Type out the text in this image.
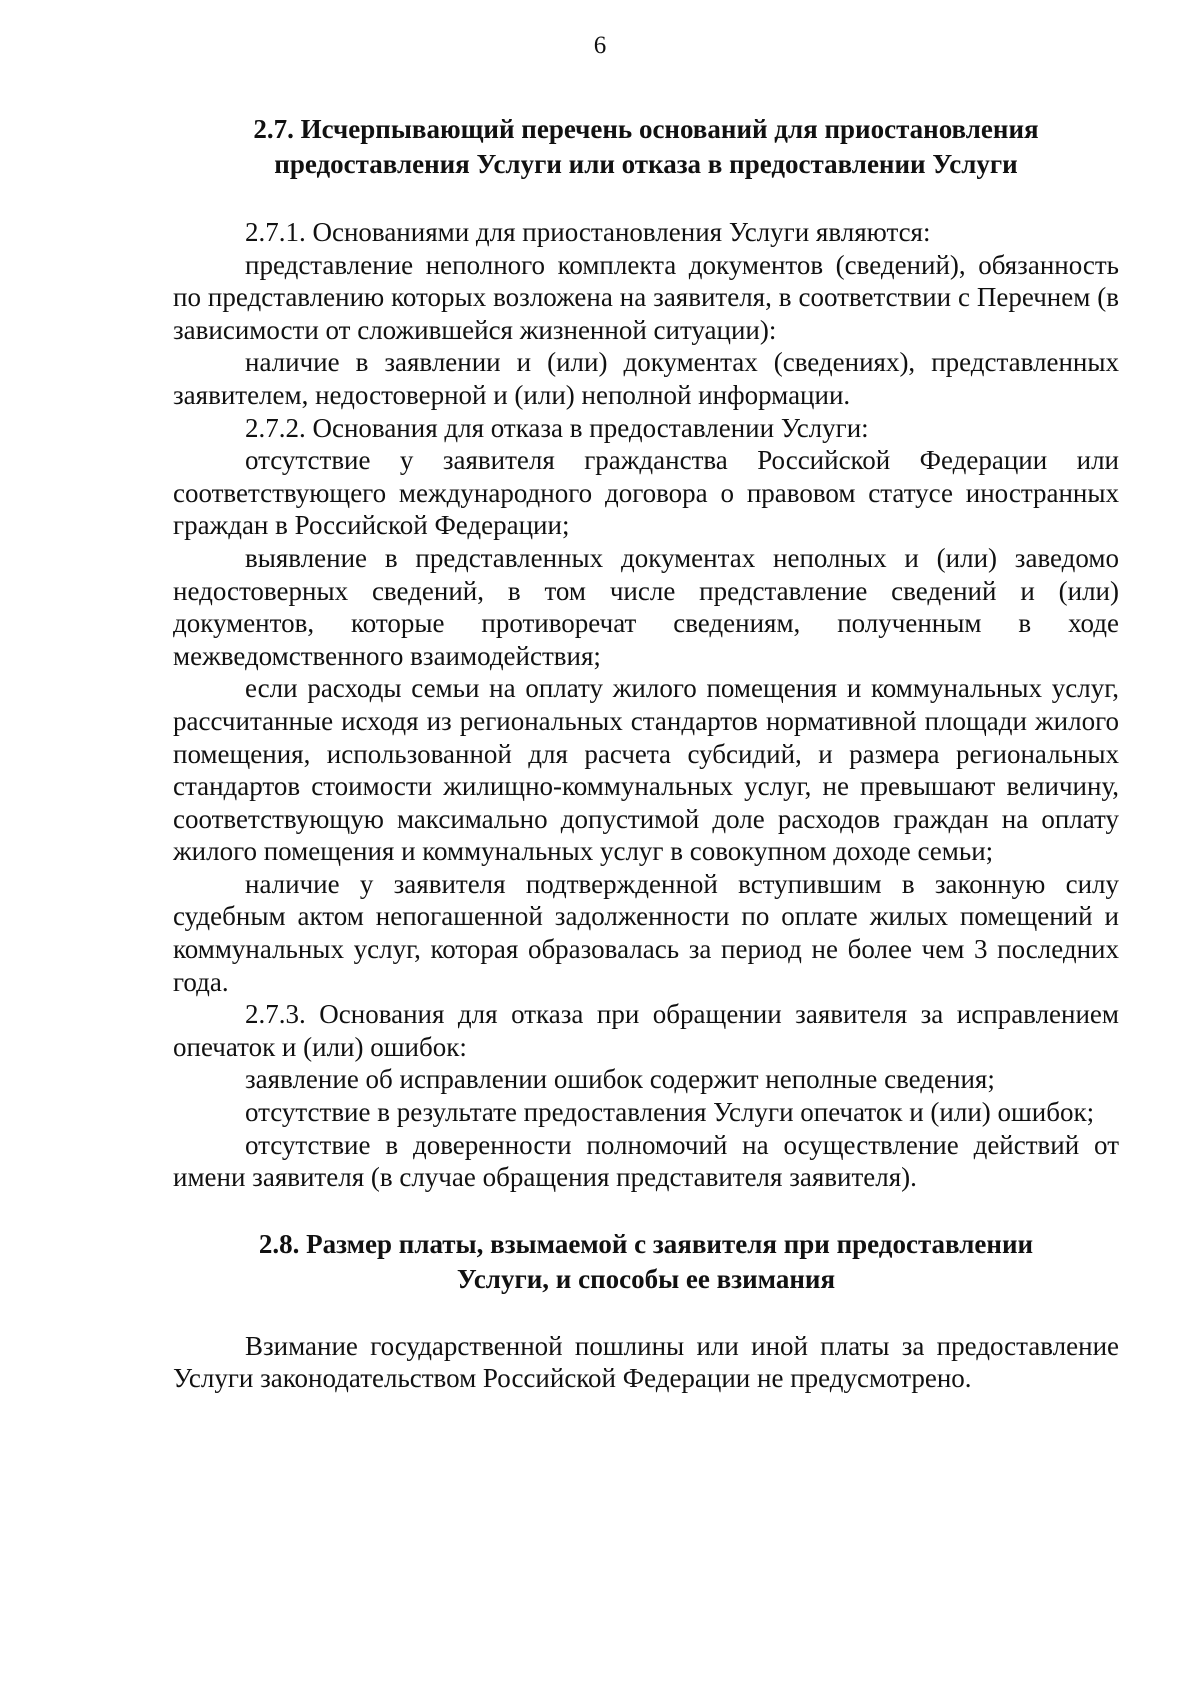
6
2.7. Исчерпывающий перечень оснований для приостановления
предоставления Услуги или отказа в предоставлении Услуги

2.7.1. Основаниями для приостановления Услуги являются:

представление неполного комплекта документов (сведений), обязанность по представлению которых возложена на заявителя, в соответствии с Перечнем (в зависимости от сложившейся жизненной ситуации):

наличие в заявлении и (или) документах (сведениях), представленных заявителем, недостоверной и (или) неполной информации.

2.7.2. Основания для отказа в предоставлении Услуги:

отсутствие у заявителя гражданства Российской Федерации или соответствующего международного договора о правовом статусе иностранных граждан в Российской Федерации;

выявление в представленных документах неполных и (или) заведомо недостоверных сведений, в том числе представление сведений и (или) документов, которые противоречат сведениям, полученным в ходе межведомственного взаимодействия;

если расходы семьи на оплату жилого помещения и коммунальных услуг, рассчитанные исходя из региональных стандартов нормативной площади жилого помещения, использованной для расчета субсидий, и размера региональных стандартов стоимости жилищно-коммунальных услуг, не превышают величину, соответствующую максимально допустимой доле расходов граждан на оплату жилого помещения и коммунальных услуг в совокупном доходе семьи;

наличие у заявителя подтвержденной вступившим в законную силу судебным актом непогашенной задолженности по оплате жилых помещений и коммунальных услуг, которая образовалась за период не более чем 3 последних года.

2.7.3. Основания для отказа при обращении заявителя за исправлением опечаток и (или) ошибок:

заявление об исправлении ошибок содержит неполные сведения;

отсутствие в результате предоставления Услуги опечаток и (или) ошибок;

отсутствие в доверенности полномочий на осуществление действий от имени заявителя (в случае обращения представителя заявителя).

2.8. Размер платы, взымаемой с заявителя при предоставлении
Услуги, и способы ее взимания

Взимание государственной пошлины или иной платы за предоставление Услуги законодательством Российской Федерации не предусмотрено.
